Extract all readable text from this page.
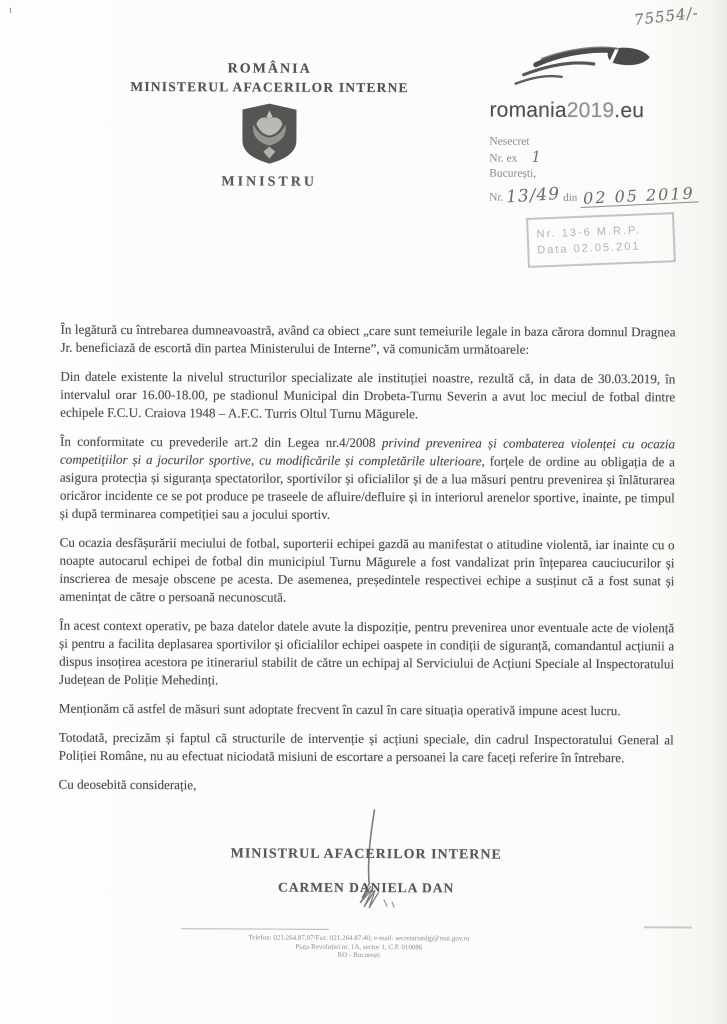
ι	75554/-
ROMÂNIA
MINISTERUL AFACERILOR INTERNE
MINISTRU
romania2019.eu
Nesecret
Nr. ex 1
București,
Nr. 13/49 din 02 05 2019
Nr. 13-6 M.R.P.
Data 02.05.201

În legătură cu întrebarea dumneavoastră, având ca obiect „care sunt temeiurile legale in baza cărora domnul Dragnea Jr. beneficiază de escortă din partea Ministerului de Interne”, vă comunicăm următoarele:

Din datele existente la nivelul structurilor specializate ale instituției noastre, rezultă că, in data de 30.03.2019, în intervalul orar 16.00-18.00, pe stadionul Municipal din Drobeta-Turnu Severin a avut loc meciul de fotbal dintre echipele F.C.U. Craiova 1948 – A.F.C. Turris Oltul Turnu Măgurele.

În conformitate cu prevederile art.2 din Legea nr.4/2008 privind prevenirea și combaterea violenței cu ocazia competițiilor și a jocurilor sportive, cu modificările și completările ulterioare, forțele de ordine au obligația de a asigura protecția și siguranța spectatorilor, sportivilor și oficialilor și de a lua măsuri pentru prevenirea și înlăturarea oricăror incidente ce se pot produce pe traseele de afluire/defluire și in interiorul arenelor sportive, inainte, pe timpul și după terminarea competiției sau a jocului sportiv.

Cu ocazia desfășurării meciului de fotbal, suporterii echipei gazdă au manifestat o atitudine violentă, iar inainte cu o noapte autocarul echipei de fotbal din municipiul Turnu Măgurele a fost vandalizat prin înțeparea cauciucurilor și inscrierea de mesaje obscene pe acesta. De asemenea, președintele respectivei echipe a susținut că a fost sunat și amenințat de către o persoană necunoscută.

În acest context operativ, pe baza datelor datele avute la dispoziție, pentru prevenirea unor eventuale acte de violență și pentru a facilita deplasarea sportivilor și oficialilor echipei oaspete in condiții de siguranță, comandantul acțiunii a dispus insoțirea acestora pe itinerariul stabilit de către un echipaj al Serviciului de Acțiuni Speciale al Inspectoratului Județean de Poliție Mehedinți.

Menționăm că astfel de măsuri sunt adoptate frecvent în cazul în care situația operativă impune acest lucru.

Totodată, precizăm și faptul că structurile de intervenție și acțiuni speciale, din cadrul Inspectoratului General al Poliției Române, nu au efectuat niciodată misiuni de escortare a persoanei la care faceți referire în întrebare.

Cu deosebită considerație,

MINISTRUL AFACERILOR INTERNE
CARMEN DANIELA DAN
Telefon: 021.264.87.07/Fax: 021.264.87.40; e-mail: secretariatdgj@mai.gov.ro
Piața Revoluției nr. 1A, sector 1, C.P. 010086
RO - București
